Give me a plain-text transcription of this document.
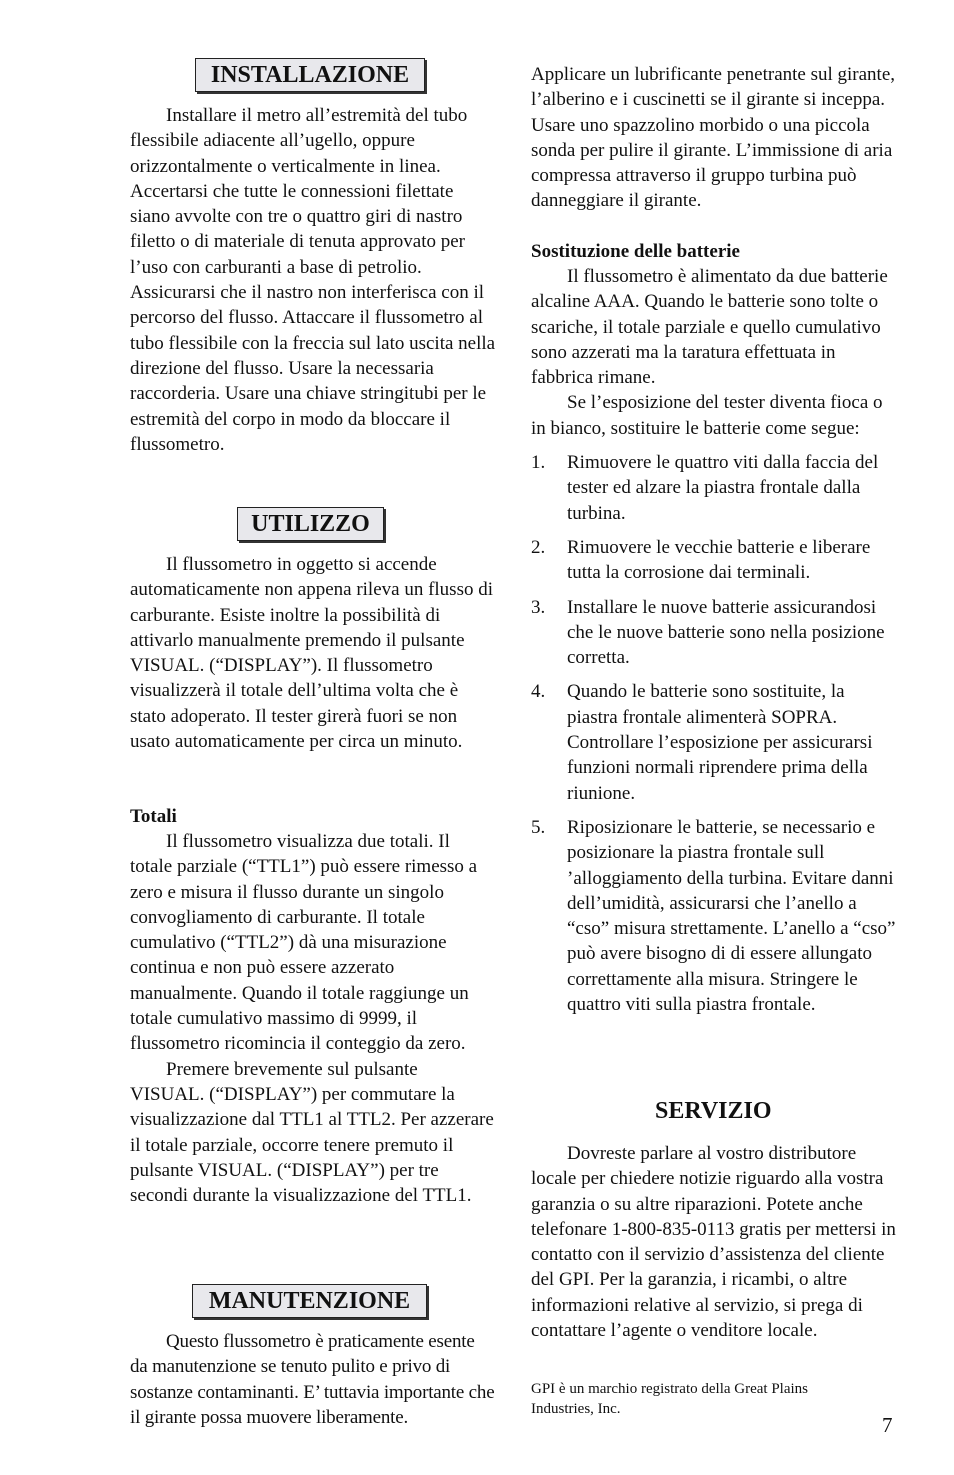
INSTALLAZIONE

Installare il metro all’estremità del tubo flessibile adiacente all’ugello, oppure orizzontalmente o verticalmente in linea. Accertarsi che tutte le connessioni filettate siano avvolte con tre o quattro giri di nastro filetto o di materiale di tenuta approvato per l’uso con carburanti a base di petrolio. Assicurarsi che il nastro non interferisca con il percorso del flusso. Attaccare il flussometro al tubo flessibile con la freccia sul lato uscita nella direzione del flusso. Usare la necessaria raccorderia. Usare una chiave stringitubi per le estremità del corpo in modo da bloccare il flussometro.

UTILIZZO

Il flussometro in oggetto si accende automaticamente non appena rileva un flusso di carburante. Esiste inoltre la possibilità di attivarlo manualmente premendo il pulsante VISUAL. (“DISPLAY”). Il flussometro visualizzerà il totale dell’ultima volta che è stato adoperato. Il tester girerà fuori se non usato automaticamente per circa un minuto.

Totali

Il flussometro visualizza due totali. Il totale parziale (“TTL1”) può essere rimesso a zero e misura il flusso durante un singolo convogliamento di carburante. Il totale cumulativo (“TTL2”) dà una misurazione continua e non può essere azzerato manualmente. Quando il totale raggiunge un totale cumulativo massimo di 9999, il flussometro ricomincia il conteggio da zero.

Premere brevemente sul pulsante VISUAL. (“DISPLAY”) per commutare la visualizzazione dal TTL1 al TTL2. Per azzerare il totale parziale, occorre tenere premuto il pulsante VISUAL. (“DISPLAY”) per tre secondi durante la visualizzazione del TTL1.

MANUTENZIONE

Questo flussometro è praticamente esente da manutenzione se tenuto pulito e privo di sostanze contaminanti. E’ tuttavia importante che il girante possa muovere liberamente.

Applicare un lubrificante penetrante sul girante, l’alberino e i cuscinetti se il girante si inceppa. Usare uno spazzolino morbido o una piccola sonda per pulire il girante. L’immissione di aria compressa attraverso il gruppo turbina può danneggiare il girante.

Sostituzione delle batterie

Il flussometro è alimentato da due batterie alcaline AAA. Quando le batterie sono tolte o scariche, il totale parziale e quello cumulativo sono azzerati ma la taratura effettuata in fabbrica rimane.

Se l’esposizione del tester diventa fioca o in bianco, sostituire le batterie come segue:

1. Rimuovere le quattro viti dalla faccia del tester ed alzare la piastra frontale dalla turbina.
2. Rimuovere le vecchie batterie e liberare tutta la corrosione dai terminali.
3. Installare le nuove batterie assicurandosi che le nuove batterie sono nella posizione corretta.
4. Quando le batterie sono sostituite, la piastra frontale alimenterà SOPRA. Controllare l’esposizione per assicurarsi funzioni normali riprendere prima della riunione.
5. Riposizionare le batterie, se necessario e posizionare la piastra frontale sull ’alloggiamento della turbina. Evitare danni dell’umidità, assicurarsi che l’anello a “cso” misura strettamente. L’anello a “cso” può avere bisogno di di essere allungato correttamente alla misura. Stringere le quattro viti sulla piastra frontale.
SERVIZIO

Dovreste parlare al vostro distributore locale per chiedere notizie riguardo alla vostra garanzia o su altre riparazioni. Potete anche telefonare 1-800-835-0113 gratis per mettersi in contatto con il servizio d’assistenza del cliente del GPI. Per la garanzia, i ricambi, o altre informazioni relative al servizio, si prega di contattare l’agente o venditore locale.

GPI è un marchio registrato della Great Plains Industries, Inc.

7
